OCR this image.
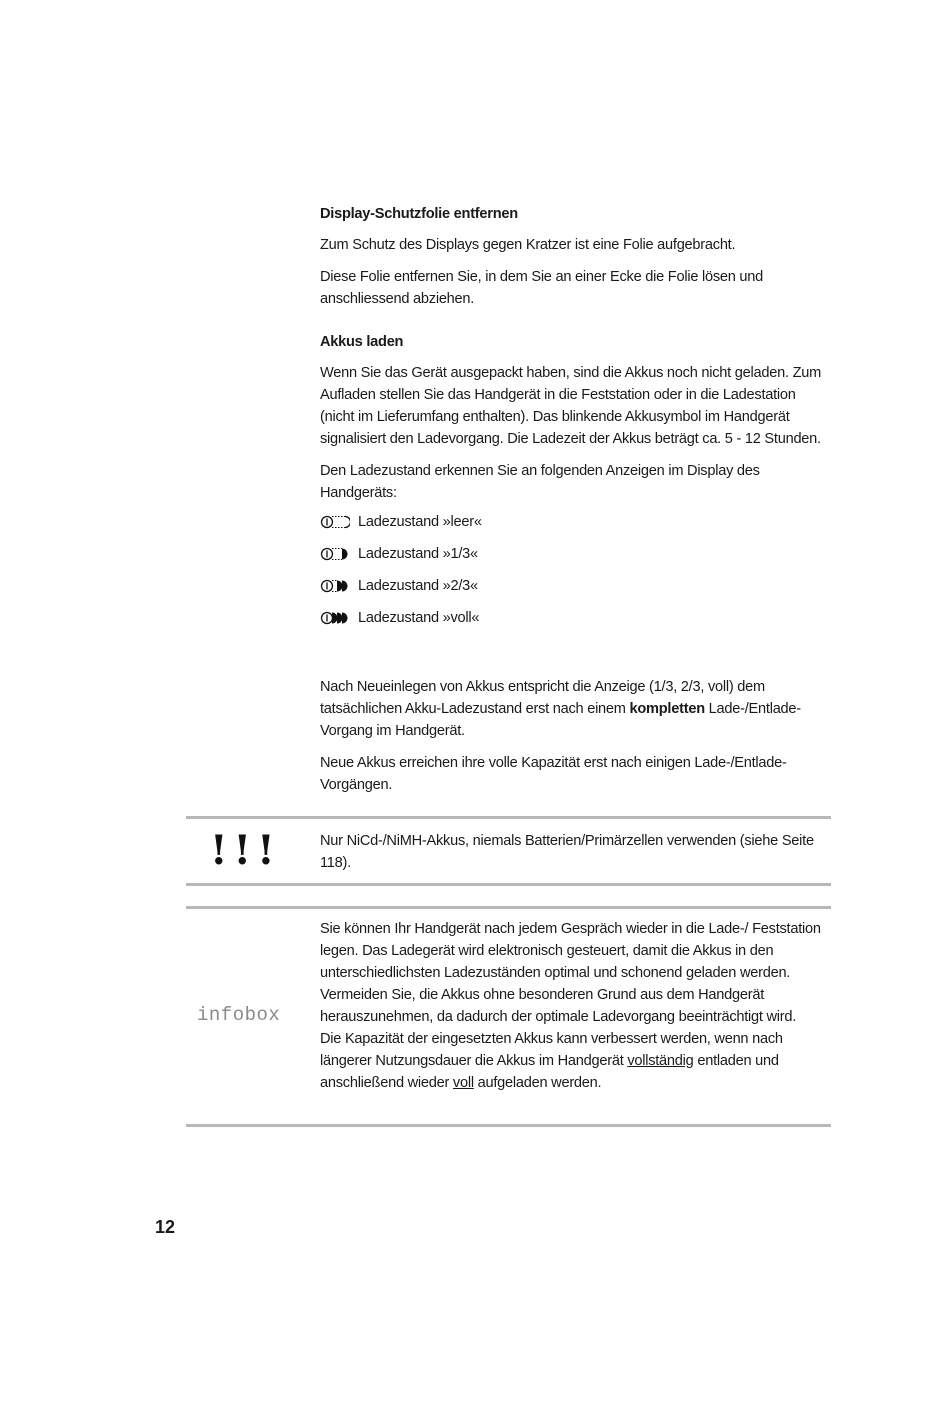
Display-Schutzfolie entfernen

Zum Schutz des Displays gegen Kratzer ist eine Folie aufgebracht.

Diese Folie entfernen Sie, in dem Sie an einer Ecke die Folie lösen und anschliessend abziehen.

Akkus laden

Wenn Sie das Gerät ausgepackt haben, sind die Akkus noch nicht geladen. Zum Aufladen stellen Sie das Handgerät in die Feststation oder in die Ladestation (nicht im Lieferumfang enthalten). Das blinkende Akkusymbol im Handgerät signalisiert den Ladevorgang. Die Ladezeit der Akkus beträgt ca. 5 - 12 Stunden.

Den Ladezustand erkennen Sie an folgenden Anzeigen im Display des Handgeräts:

Ladezustand »leer«
Ladezustand »1/3«
Ladezustand »2/3«
Ladezustand »voll«

Nach Neueinlegen von Akkus entspricht die Anzeige (1/3, 2/3, voll) dem tatsächlichen Akku-Ladezustand erst nach einem kompletten Lade-/Entlade-Vorgang im Handgerät.

Neue Akkus erreichen ihre volle Kapazität erst nach einigen Lade-/Entlade-Vorgängen.

!!!	Nur NiCd-/NiMH-Akkus, niemals Batterien/Primärzellen verwenden (siehe Seite 118).
infobox

Sie können Ihr Handgerät nach jedem Gespräch wieder in die Lade-/ Feststation legen. Das Ladegerät wird elektronisch gesteuert, damit die Akkus in den unterschiedlichsten Ladezuständen optimal und schonend geladen werden. Vermeiden Sie, die Akkus ohne besonderen Grund aus dem Handgerät herauszunehmen, da dadurch der optimale Ladevorgang beeinträchtigt wird.

Die Kapazität der eingesetzten Akkus kann verbessert werden, wenn nach längerer Nutzungsdauer die Akkus im Handgerät vollständig entladen und anschließend wieder voll aufgeladen werden.

12
